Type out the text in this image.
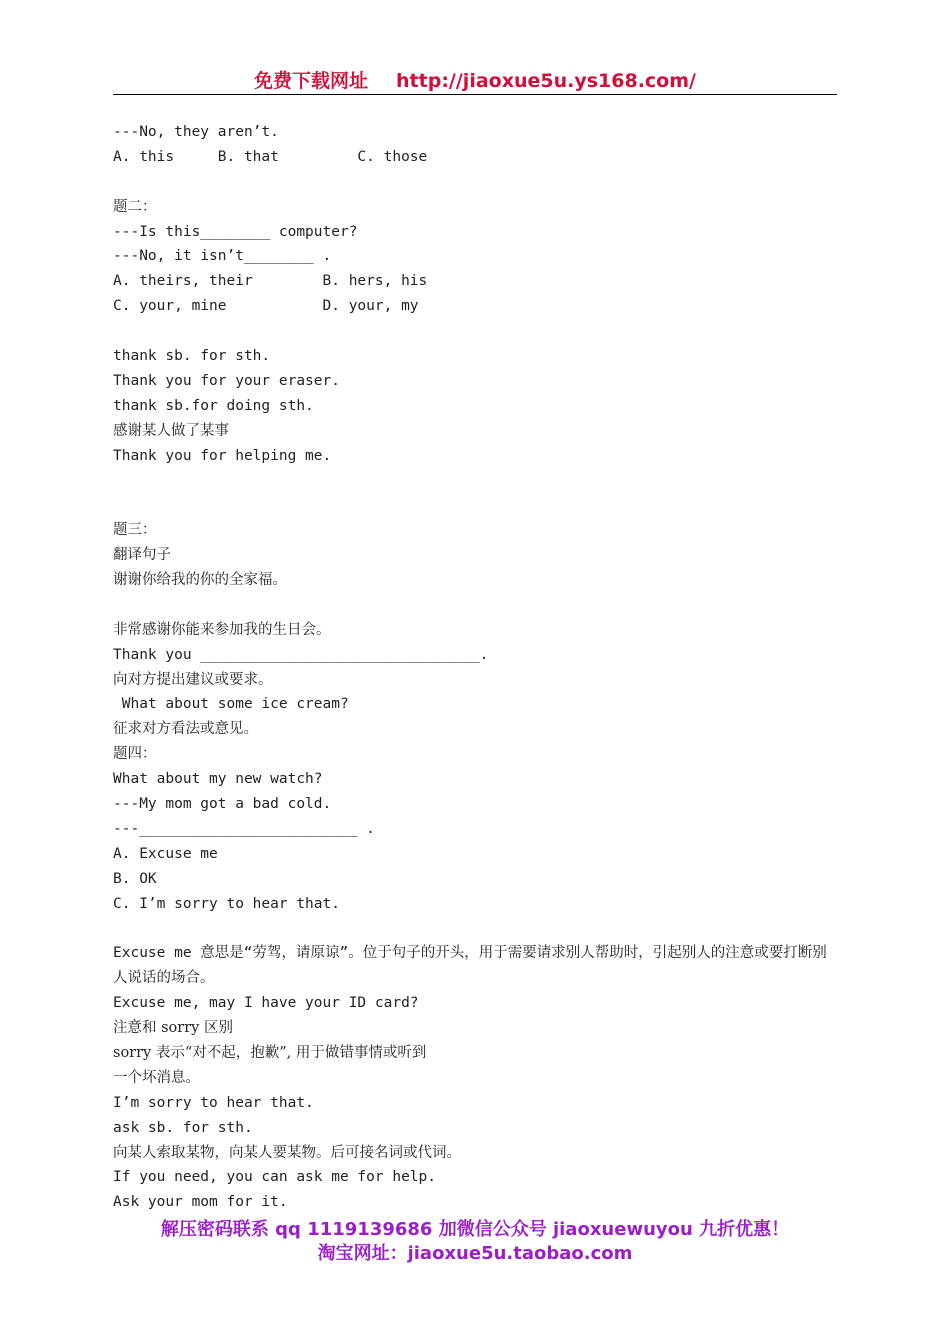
免费下载网址 http://jiaoxue5u.ys168.com/
---No, they aren’t.
A. this     B. that         C. those
题二：
---Is this________ computer?
---No, it isn’t________ .
A. theirs, their        B. hers, his
C. your, mine           D. your, my
thank sb. for sth.
Thank you for your eraser.
thank sb.for doing sth.
感谢某人做了某事
Thank you for helping me.
题三：
翻译句子
谢谢你给我的你的全家福。
非常感谢你能来参加我的生日会。
Thank you ________________________________.
向对方提出建议或要求。
What about some ice cream?
征求对方看法或意见。
题四：
What about my new watch?
---My mom got a bad cold.
---_________________________ .
A. Excuse me
B. OK
C. I’m sorry to hear that.
Excuse me 意思是“劳驾，请原谅”。位于句子的开头，用于需要请求别人帮助时，引起别人的注意或要打断别人说话的场合。
Excuse me, may I have your ID card?
注意和 sorry 区别
sorry 表示“对不起，抱歉”, 用于做错事情或听到
一个坏消息。
I’m sorry to hear that.
ask sb. for sth.
向某人索取某物，向某人要某物。后可接名词或代词。
If you need, you can ask me for help.
Ask your mom for it.
解压密码联系 qq 1119139686 加微信公众号 jiaoxuewuyou 九折优惠！
淘宝网址：jiaoxue5u.taobao.com
